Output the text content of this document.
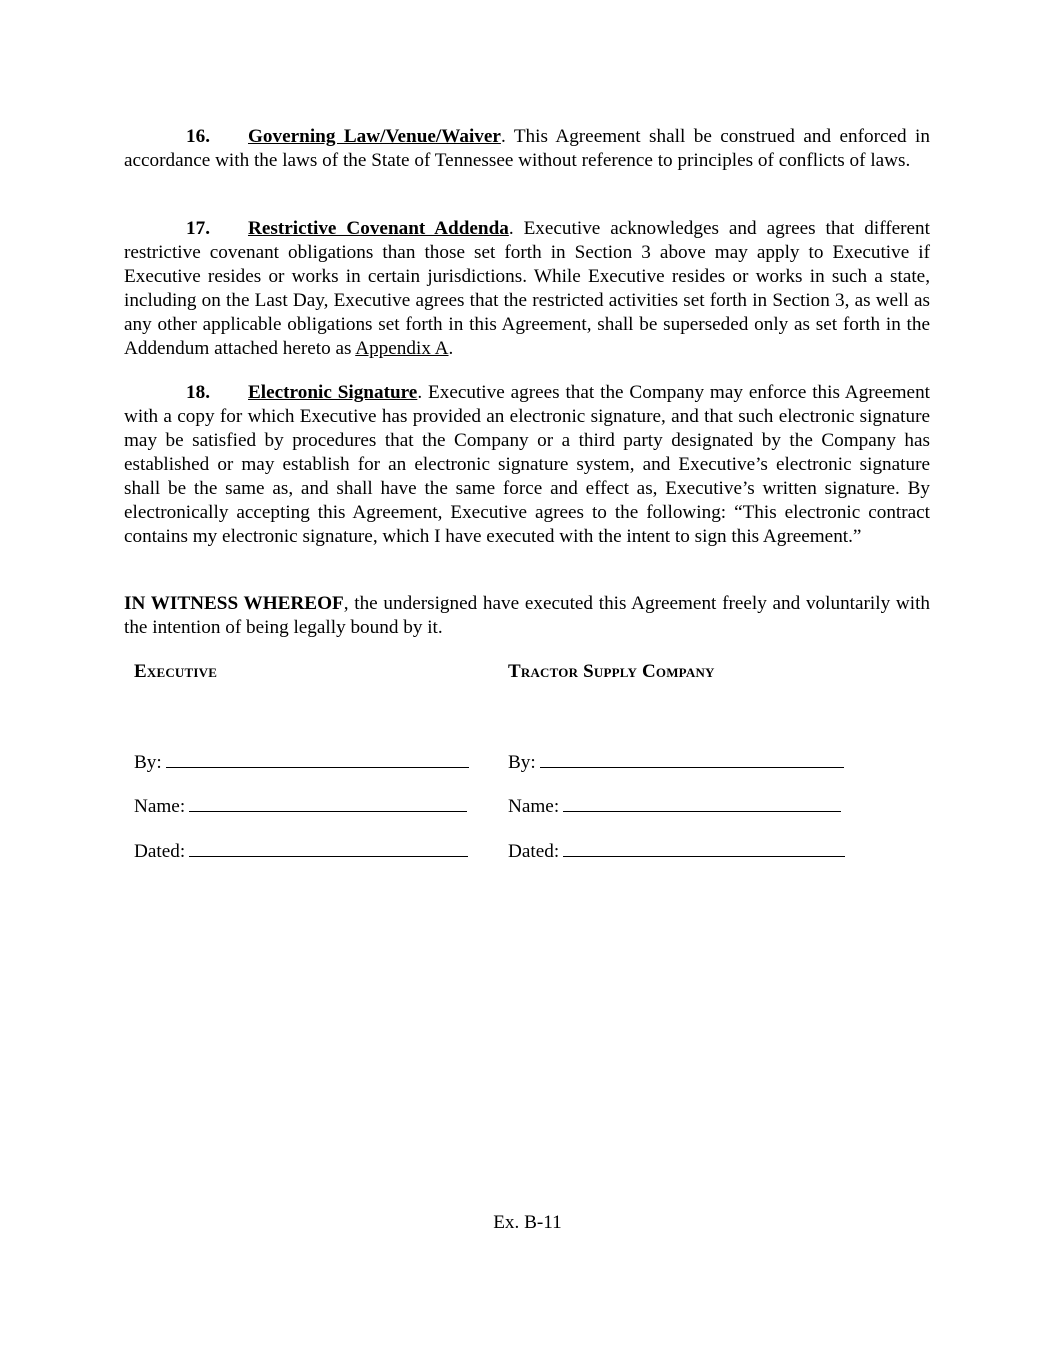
16. Governing Law/Venue/Waiver. This Agreement shall be construed and enforced in accordance with the laws of the State of Tennessee without reference to principles of conflicts of laws.

17. Restrictive Covenant Addenda. Executive acknowledges and agrees that different restrictive covenant obligations than those set forth in Section 3 above may apply to Executive if Executive resides or works in certain jurisdictions. While Executive resides or works in such a state, including on the Last Day, Executive agrees that the restricted activities set forth in Section 3, as well as any other applicable obligations set forth in this Agreement, shall be superseded only as set forth in the Addendum attached hereto as Appendix A.

18. Electronic Signature. Executive agrees that the Company may enforce this Agreement with a copy for which Executive has provided an electronic signature, and that such electronic signature may be satisfied by procedures that the Company or a third party designated by the Company has established or may establish for an electronic signature system, and Executive’s electronic signature shall be the same as, and shall have the same force and effect as, Executive’s written signature. By electronically accepting this Agreement, Executive agrees to the following: “This electronic contract contains my electronic signature, which I have executed with the intent to sign this Agreement.”

IN WITNESS WHEREOF, the undersigned have executed this Agreement freely and voluntarily with the intention of being legally bound by it.

Executive	Tractor Supply Company
By:
Name:
Dated:
By:
Name:
Dated:
Ex. B-11
